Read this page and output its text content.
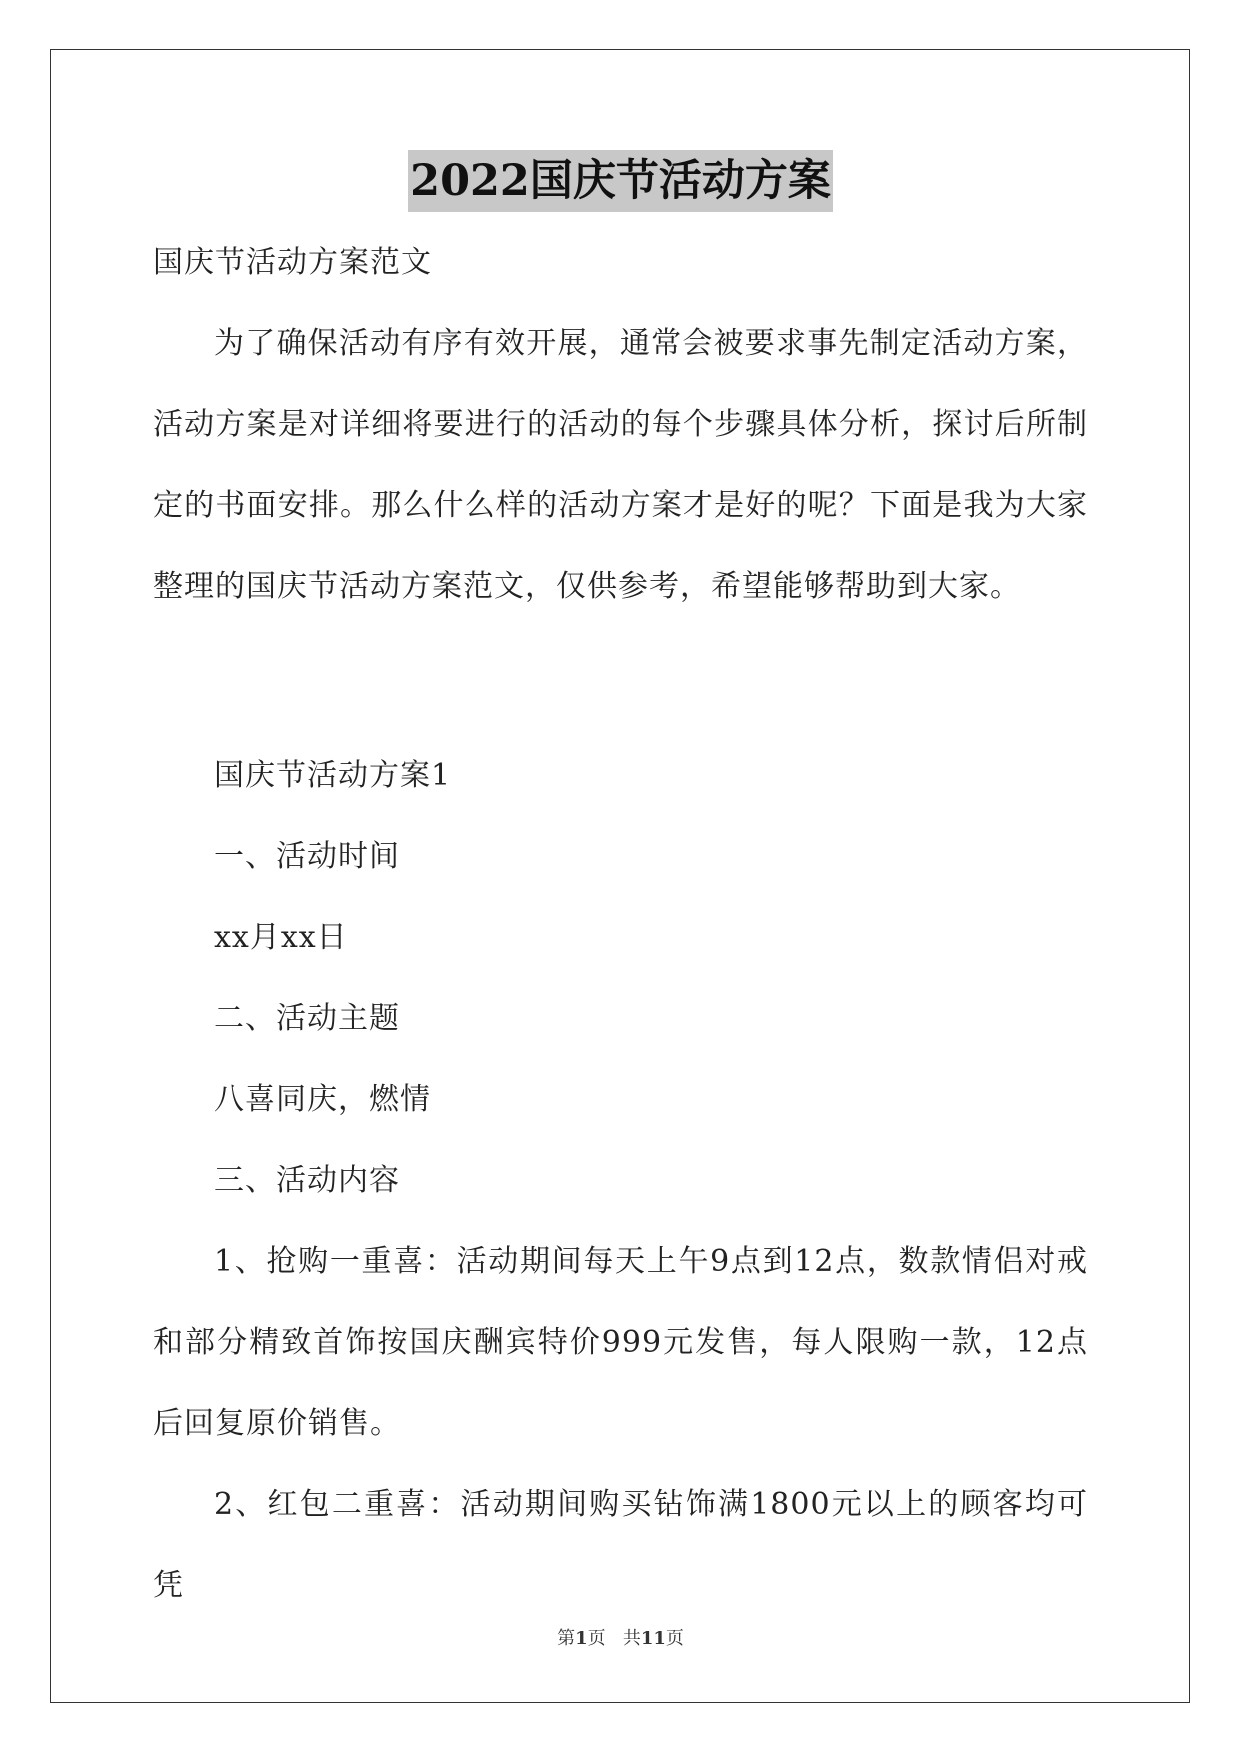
2022国庆节活动方案
国庆节活动方案范文

为了确保活动有序有效开展，通常会被要求事先制定活动方案，活动方案是对详细将要进行的活动的每个步骤具体分析，探讨后所制定的书面安排。那么什么样的活动方案才是好的呢？下面是我为大家整理的国庆节活动方案范文，仅供参考，希望能够帮助到大家。

国庆节活动方案1

一、活动时间

xx月xx日

二、活动主题

八喜同庆，燃情

三、活动内容

1、抢购一重喜：活动期间每天上午9点到12点，数款情侣对戒和部分精致首饰按国庆酬宾特价999元发售，每人限购一款，12点后回复原价销售。

2、红包二重喜：活动期间购买钻饰满1800元以上的顾客均可凭

第1页 共11页
